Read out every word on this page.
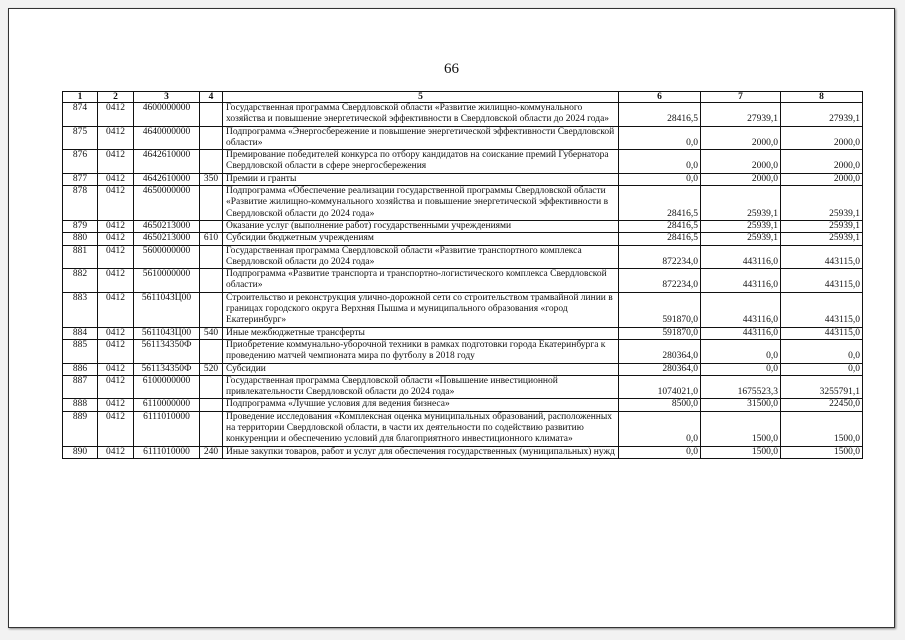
66
1	2	3	4	5	6	7	8
874	0412	4600000000		Государственная программа Свердловской области «Развитие жилищно-коммунального хозяйства и повышение энергетической эффективности в Свердловской области до 2024 года»	28416,5	27939,1	27939,1
875	0412	4640000000		Подпрограмма «Энергосбережение и повышение энергетической эффективности Свердловской области»	0,0	2000,0	2000,0
876	0412	4642610000		Премирование победителей конкурса по отбору кандидатов на соискание премий Губернатора Свердловской области в сфере энергосбережения	0,0	2000,0	2000,0
877	0412	4642610000	350	Премии и гранты	0,0	2000,0	2000,0
878	0412	4650000000		Подпрограмма «Обеспечение реализации государственной программы Свердловской области «Развитие жилищно-коммунального хозяйства и повышение энергетической эффективности в Свердловской области до 2024 года»	28416,5	25939,1	25939,1
879	0412	4650213000		Оказание услуг (выполнение работ) государственными учреждениями	28416,5	25939,1	25939,1
880	0412	4650213000	610	Субсидии бюджетным учреждениям	28416,5	25939,1	25939,1
881	0412	5600000000		Государственная программа Свердловской области «Развитие транспортного комплекса Свердловской области до 2024 года»	872234,0	443116,0	443115,0
882	0412	5610000000		Подпрограмма «Развитие транспорта и транспортно-логистического комплекса Свердловской области»	872234,0	443116,0	443115,0
883	0412	561104ЗЦ00		Строительство и реконструкция улично-дорожной сети со строительством трамвайной линии в границах городского округа Верхняя Пышма и муниципального образования «город Екатеринбург»	591870,0	443116,0	443115,0
884	0412	561104ЗЦ00	540	Иные межбюджетные трансферты	591870,0	443116,0	443115,0
885	0412	561134350Ф		Приобретение коммунально-уборочной техники в рамках подготовки города Екатеринбурга к проведению матчей чемпионата мира по футболу в 2018 году	280364,0	0,0	0,0
886	0412	561134350Ф	520	Субсидии	280364,0	0,0	0,0
887	0412	6100000000		Государственная программа Свердловской области «Повышение инвестиционной привлекательности Свердловской области до 2024 года»	1074021,0	1675523,3	3255791,1
888	0412	6110000000		Подпрограмма «Лучшие условия для ведения бизнеса»	8500,0	31500,0	22450,0
889	0412	6111010000		Проведение исследования «Комплексная оценка муниципальных образований, расположенных на территории Свердловской области, в части их деятельности по содействию развитию конкуренции и обеспечению условий для благоприятного инвестиционного климата»	0,0	1500,0	1500,0
890	0412	6111010000	240	Иные закупки товаров, работ и услуг для обеспечения государственных (муниципальных) нужд	0,0	1500,0	1500,0
